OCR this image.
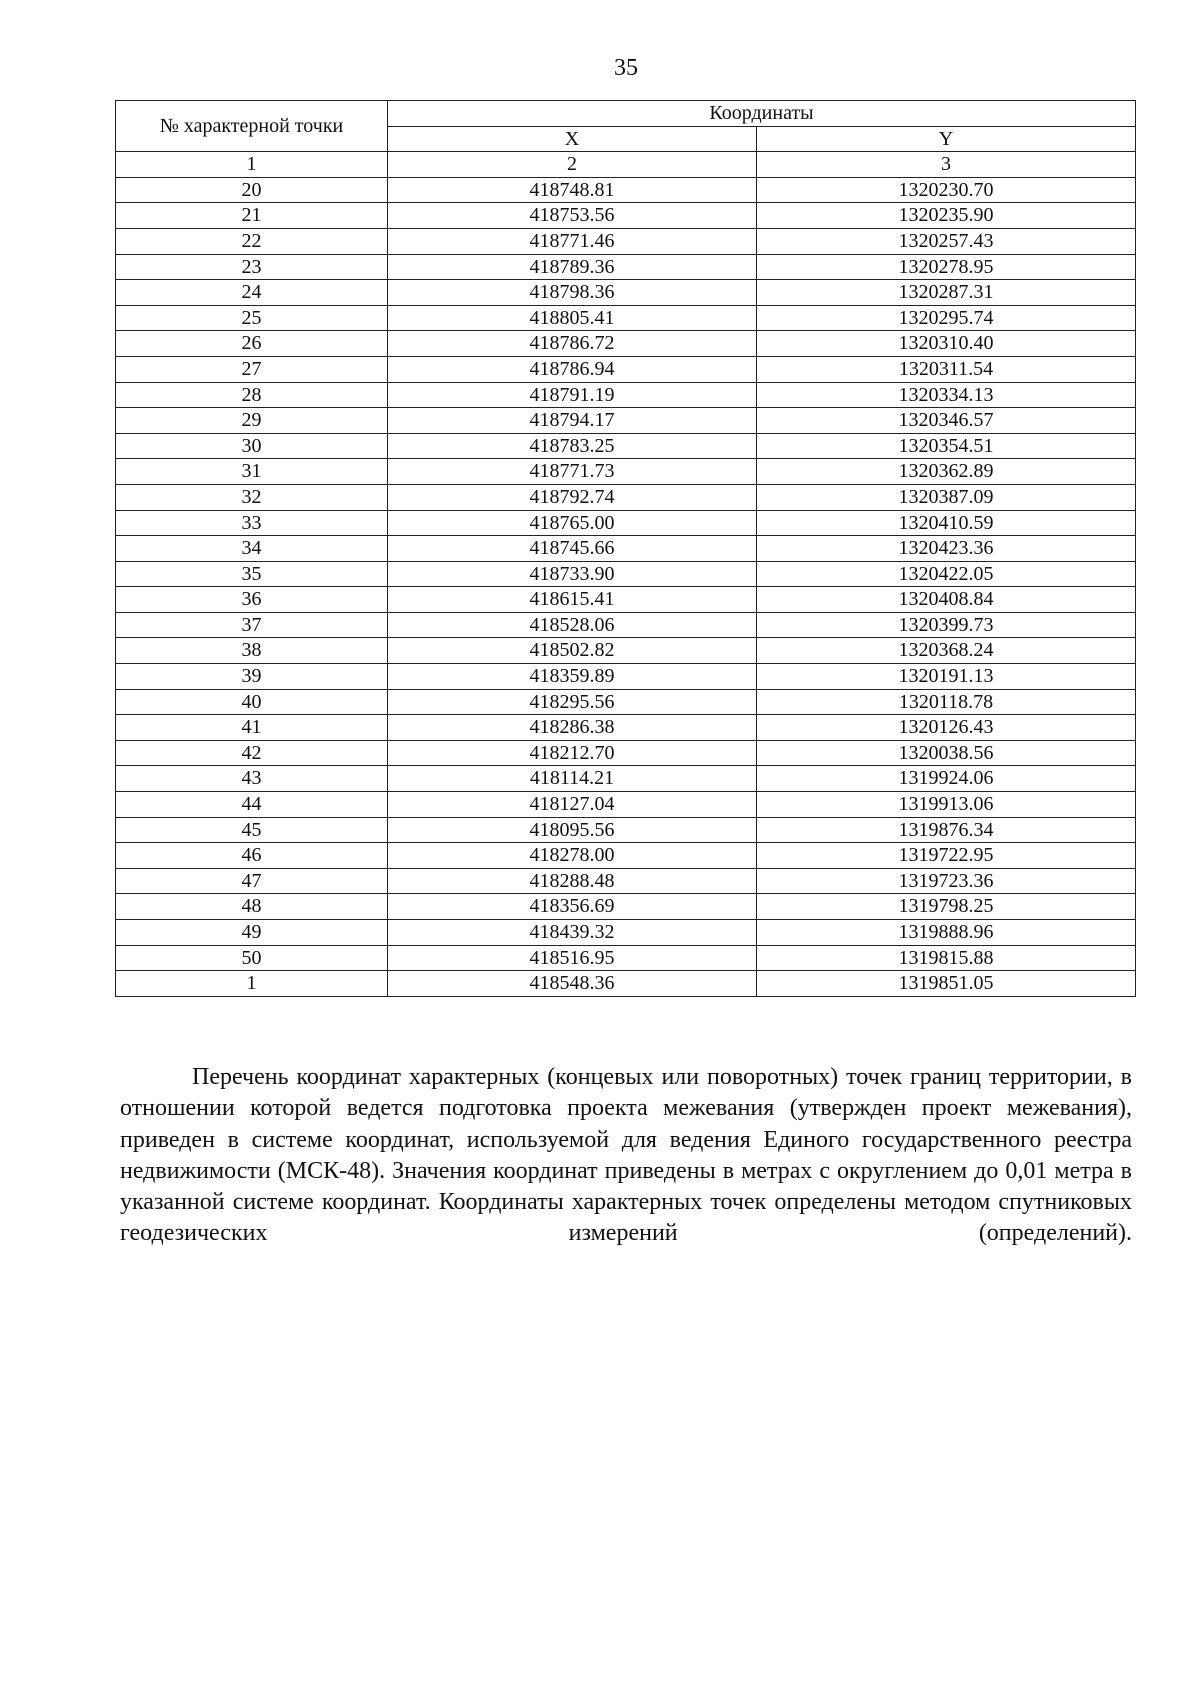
35
№ характерной точки	Координаты	
	X	Y
1	2	3
20	418748.81	1320230.70
21	418753.56	1320235.90
22	418771.46	1320257.43
23	418789.36	1320278.95
24	418798.36	1320287.31
25	418805.41	1320295.74
26	418786.72	1320310.40
27	418786.94	1320311.54
28	418791.19	1320334.13
29	418794.17	1320346.57
30	418783.25	1320354.51
31	418771.73	1320362.89
32	418792.74	1320387.09
33	418765.00	1320410.59
34	418745.66	1320423.36
35	418733.90	1320422.05
36	418615.41	1320408.84
37	418528.06	1320399.73
38	418502.82	1320368.24
39	418359.89	1320191.13
40	418295.56	1320118.78
41	418286.38	1320126.43
42	418212.70	1320038.56
43	418114.21	1319924.06
44	418127.04	1319913.06
45	418095.56	1319876.34
46	418278.00	1319722.95
47	418288.48	1319723.36
48	418356.69	1319798.25
49	418439.32	1319888.96
50	418516.95	1319815.88
1	418548.36	1319851.05

Перечень координат характерных (концевых или поворотных) точек границ территории, в отношении которой ведется подготовка проекта межевания (утвержден проект межевания), приведен в системе координат, используемой для ведения Единого государственного реестра недвижимости (МСК-48). Значения координат приведены в метрах с округлением до 0,01 метра в указанной системе координат. Координаты характерных точек определены методом спутниковых геодезических измерений (определений).
